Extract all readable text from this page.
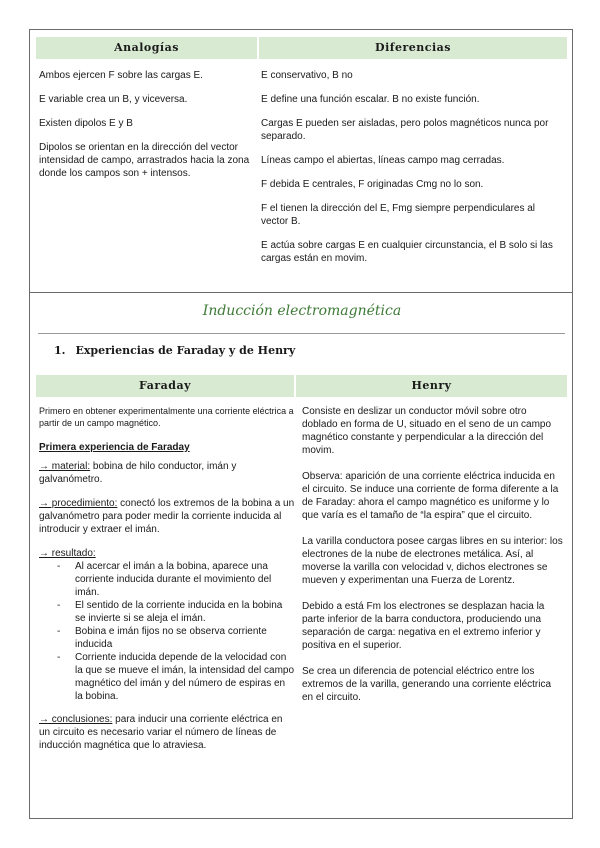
Analogías	Diferencias

Ambos ejercen F sobre las cargas E.

E variable crea un B, y viceversa.

Existen dipolos E y B

Dipolos se orientan en la dirección del vector intensidad de campo, arrastrados hacia la zona donde los campos son + intensos.

E conservativo, B no

E define una función escalar. B no existe función.

Cargas E pueden ser aisladas, pero polos magnéticos nunca por separado.

Líneas campo el abiertas, líneas campo mag cerradas.

F debida E centrales, F originadas Cmg no lo son.

F el tienen la dirección del E, Fmg siempre perpendiculares al vector B.

E actúa sobre cargas E en cualquier circunstancia, el B solo si las cargas están en movim.

Inducción electromagnética
1. Experiencias de Faraday y de Henry
Faraday	Henry

Primero en obtener experimentalmente una corriente eléctrica a partir de un campo magnético.

Primera experiencia de Faraday

→ material: bobina de hilo conductor, imán y galvanómetro.

→ procedimiento: conectó los extremos de la bobina a un galvanómetro para poder medir la corriente inducida al introducir y extraer el imán.

→ resultado:

- Al acercar el imán a la bobina, aparece una corriente inducida durante el movimiento del imán.
- El sentido de la corriente inducida en la bobina se invierte si se aleja el imán.
- Bobina e imán fijos no se observa corriente inducida
- Corriente inducida depende de la velocidad con la que se mueve el imán, la intensidad del campo magnético del imán y del número de espiras en la bobina.

→ conclusiones: para inducir una corriente eléctrica en un circuito es necesario variar el número de líneas de inducción magnética que lo atraviesa.

Consiste en deslizar un conductor móvil sobre otro doblado en forma de U, situado en el seno de un campo magnético constante y perpendicular a la dirección del movim.

Observa: aparición de una corriente eléctrica inducida en el circuito. Se induce una corriente de forma diferente a la de Faraday: ahora el campo magnético es uniforme y lo que varía es el tamaño de “la espira” que el circuito.

La varilla conductora posee cargas libres en su interior: los electrones de la nube de electrones metálica. Así, al moverse la varilla con velocidad v, dichos electrones se mueven y experimentan una Fuerza de Lorentz.

Debido a está Fm los electrones se desplazan hacia la parte inferior de la barra conductora, produciendo una separación de carga: negativa en el extremo inferior y positiva en el superior.

Se crea un diferencia de potencial eléctrico entre los extremos de la varilla, generando una corriente eléctrica en el circuito.
